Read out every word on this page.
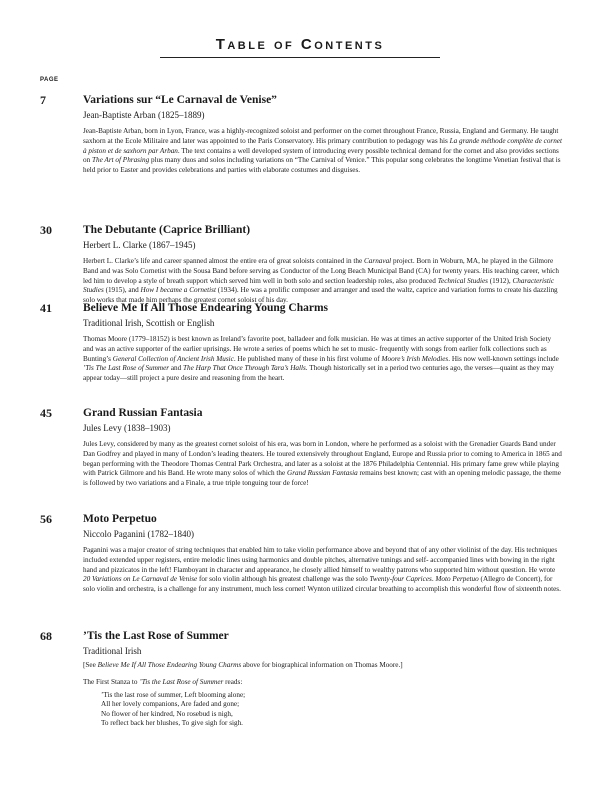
Table of Contents
PAGE
7	Variations sur “Le Carnaval de Venise”
Jean-Baptiste Arban (1825–1889)
Jean-Baptiste Arban, born in Lyon, France, was a highly-recognized soloist and performer on the cornet throughout France, Russia, England and Germany. He taught saxhorn at the Ecole Militaire and later was appointed to the Paris Conservatory. His primary contribution to pedagogy was his La grande méthode complète de cornet à piston et de saxhorn par Arban. The text contains a well developed system of introducing every possible technical demand for the cornet and also provides sections on The Art of Phrasing plus many duos and solos including variations on “The Carnival of Venice.” This popular song celebrates the longtime Venetian festival that is held prior to Easter and provides celebrations and parties with elaborate costumes and disguises.
30	The Debutante (Caprice Brilliant)
Herbert L. Clarke (1867–1945)
Herbert L. Clarke’s life and career spanned almost the entire era of great soloists contained in the Carnaval project. Born in Woburn, MA, he played in the Gilmore Band and was Solo Cornetist with the Sousa Band before serving as Conductor of the Long Beach Municipal Band (CA) for twenty years. His teaching career, which led him to develop a style of breath support which served him well in both solo and section leadership roles, also produced Technical Studies (1912), Characteristic Studies (1915), and How I became a Cornetist (1934). He was a prolific composer and arranger and used the waltz, caprice and variation forms to create his dazzling solo works that made him perhaps the greatest cornet soloist of his day.
41	Believe Me If All Those Endearing Young Charms
Traditional Irish, Scottish or English
Thomas Moore (1779–18152) is best known as Ireland’s favorite poet, balladeer and folk musician. He was at times an active supporter of the United Irish Society and was an active supporter of the earlier uprisings. He wrote a series of poems which he set to music- frequently with songs from earlier folk collections such as Bunting’s General Collection of Ancient Irish Music. He published many of these in his first volume of Moore’s Irish Melodies. His now well-known settings include ’Tis The Last Rose of Summer and The Harp That Once Through Tara’s Halls. Though historically set in a period two centuries ago, the verses—quaint as they may appear today—still project a pure desire and reasoning from the heart.
45	Grand Russian Fantasia
Jules Levy (1838–1903)
Jules Levy, considered by many as the greatest cornet soloist of his era, was born in London, where he performed as a soloist with the Grenadier Guards Band under Dan Godfrey and played in many of London’s leading theaters. He toured extensively throughout England, Europe and Russia prior to coming to America in 1865 and began performing with the Theodore Thomas Central Park Orchestra, and later as a soloist at the 1876 Philadelphia Centennial. His primary fame grew while playing with Patrick Gilmore and his Band. He wrote many solos of which the Grand Russian Fantasia remains best known; cast with an opening melodic passage, the theme is followed by two variations and a Finale, a true triple tonguing tour de force!
56	Moto Perpetuo
Niccolo Paganini (1782–1840)
Paganini was a major creator of string techniques that enabled him to take violin performance above and beyond that of any other violinist of the day. His techniques included extended upper registers, entire melodic lines using harmonics and double pitches, alternative tunings and self- accompanied lines with bowing in the right hand and pizzicatos in the left! Flamboyant in character and appearance, he closely allied himself to wealthy patrons who supported him without question. He wrote 20 Variations on Le Carnaval de Venise for solo violin although his greatest challenge was the solo Twenty-four Caprices. Moto Perpetuo (Allegro de Concert), for solo violin and orchestra, is a challenge for any instrument, much less cornet! Wynton utilized circular breathing to accomplish this wonderful flow of sixteenth notes.
68	’Tis the Last Rose of Summer
Traditional Irish
[See Believe Me If All Those Endearing Young Charms above for biographical information on Thomas Moore.]
The First Stanza to ’Tis the Last Rose of Summer reads:
’Tis the last rose of summer, Left blooming alone;
All her lovely companions, Are faded and gone;
No flower of her kindred, No rosebud is nigh,
To reflect back her blushes, To give sigh for sigh.
